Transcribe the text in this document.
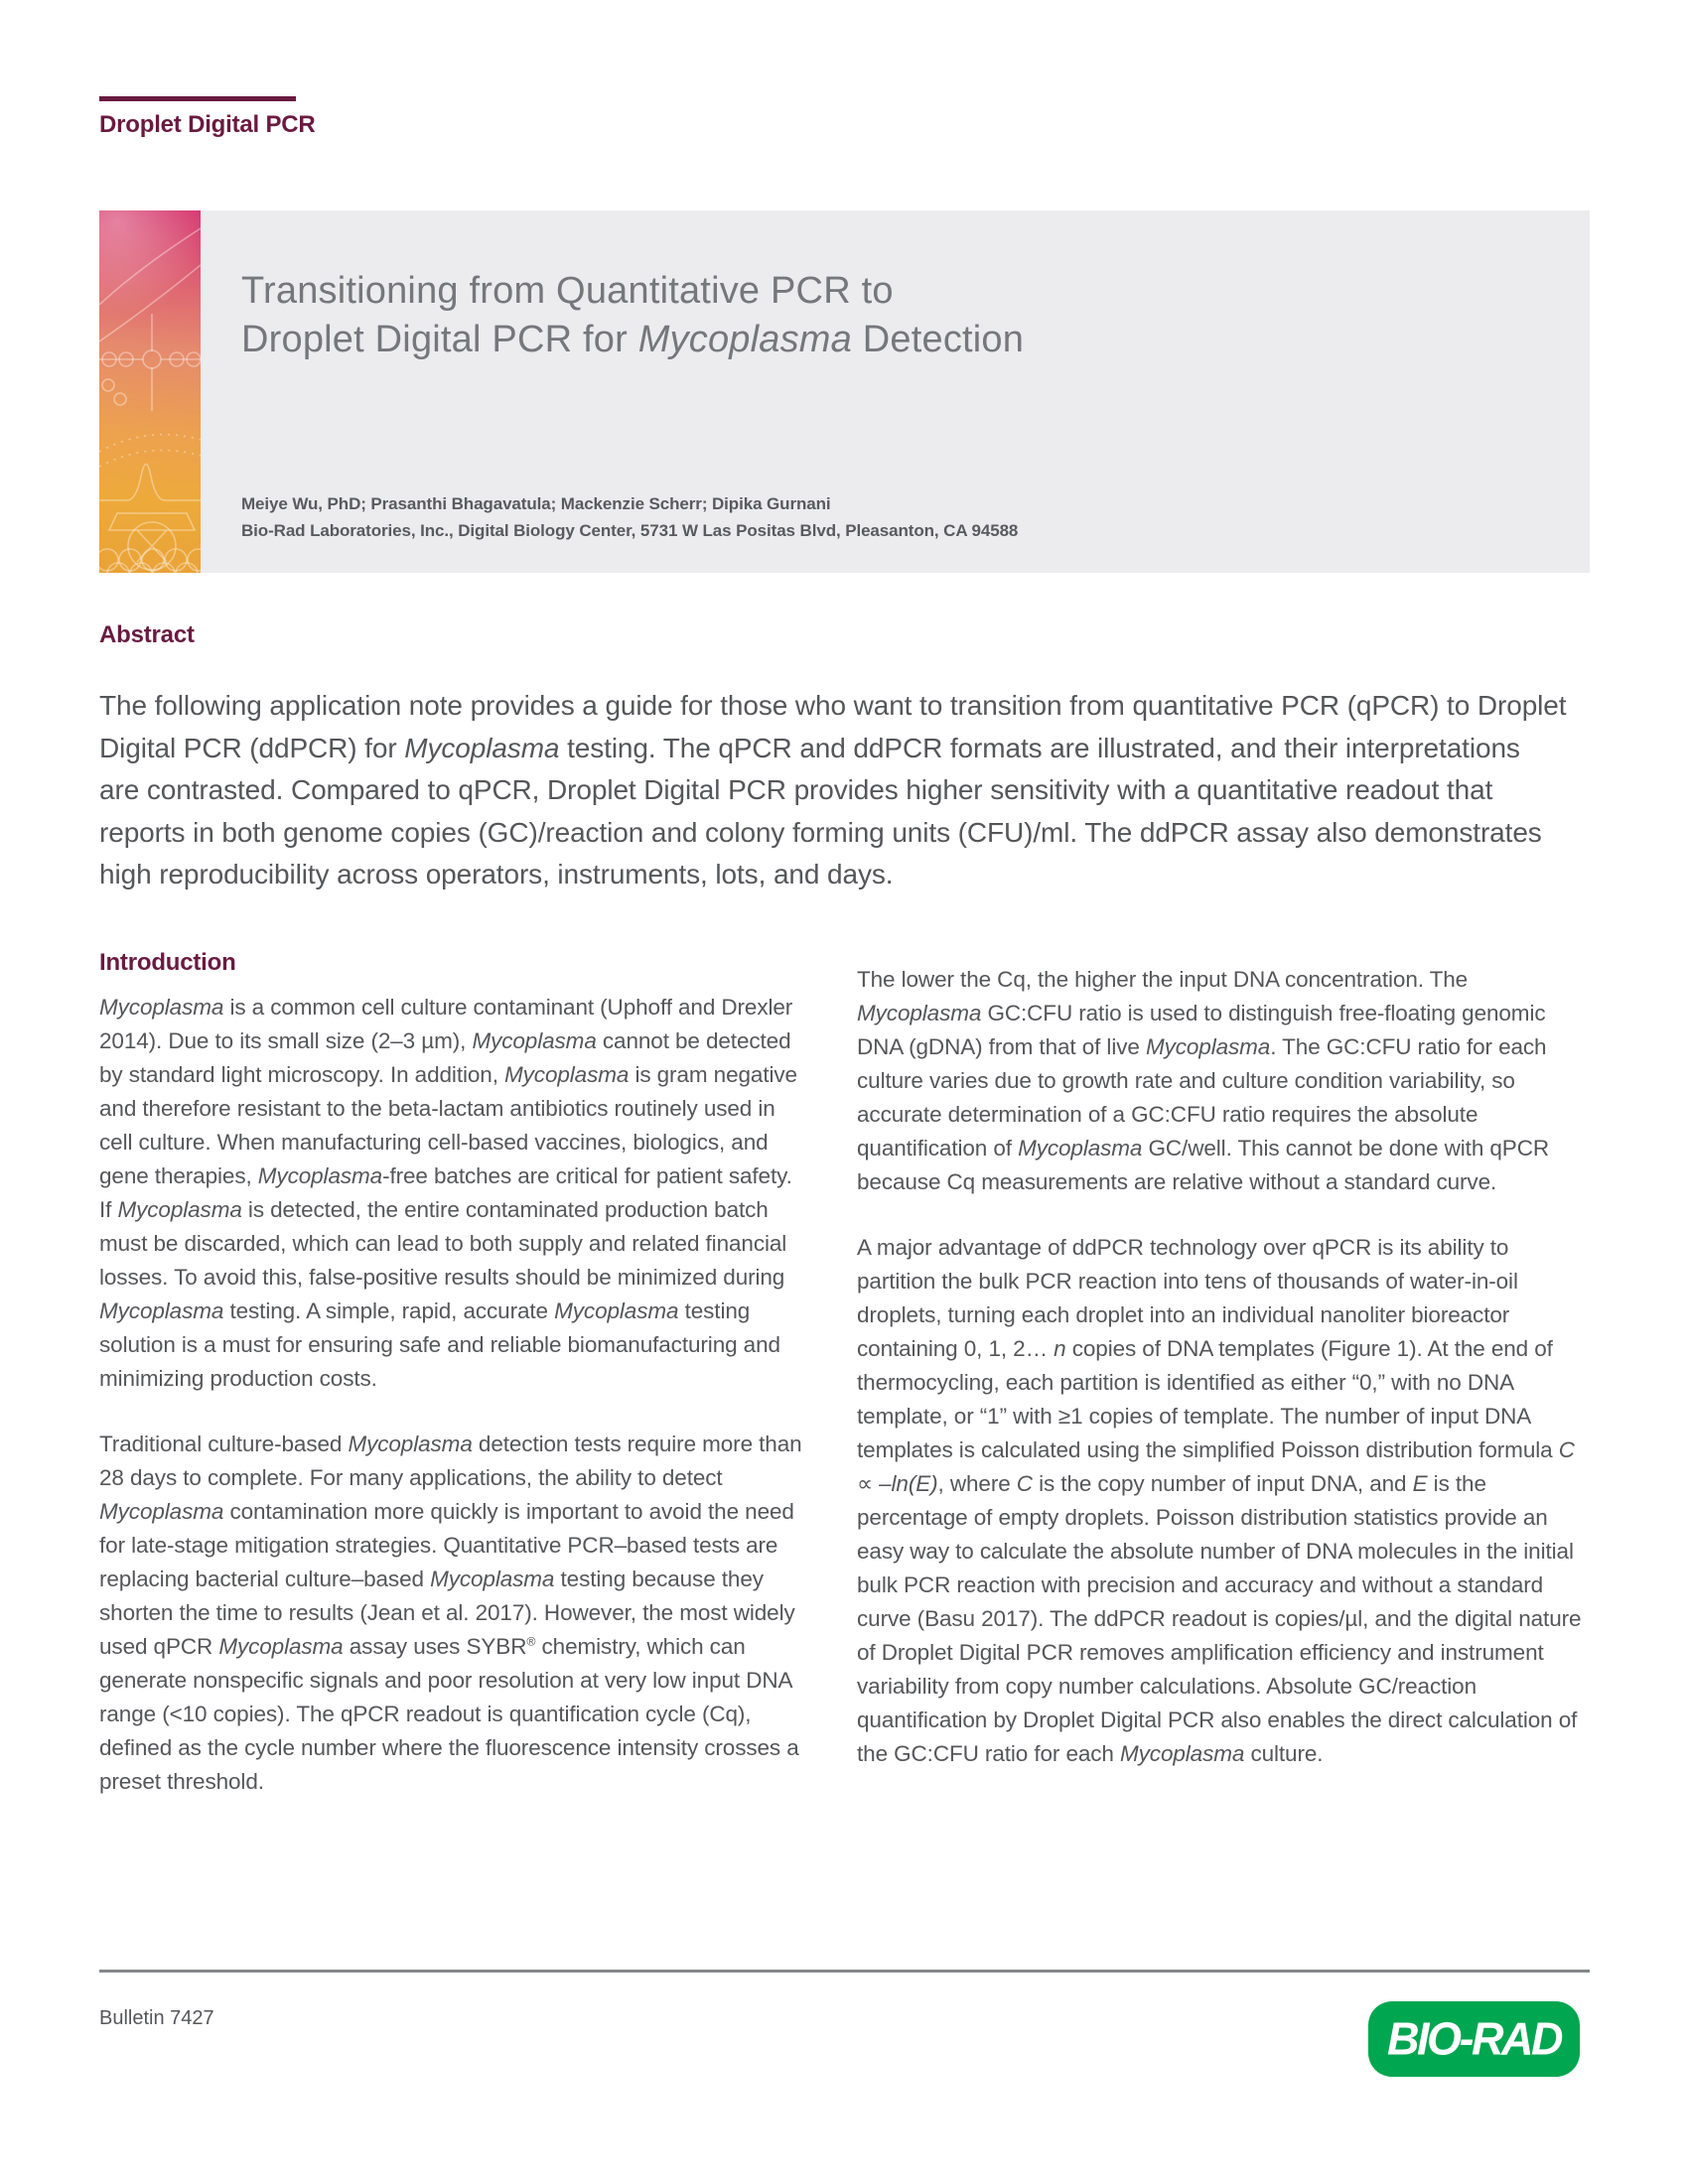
Droplet Digital PCR
Transitioning from Quantitative PCR to
Droplet Digital PCR for Mycoplasma Detection
Meiye Wu, PhD; Prasanthi Bhagavatula; Mackenzie Scherr; Dipika Gurnani
Bio-Rad Laboratories, Inc., Digital Biology Center, 5731 W Las Positas Blvd, Pleasanton, CA 94588
Abstract

The following application note provides a guide for those who want to transition from quantitative PCR (qPCR) to Droplet Digital PCR (ddPCR) for Mycoplasma testing. The qPCR and ddPCR formats are illustrated, and their interpretations are contrasted. Compared to qPCR, Droplet Digital PCR provides higher sensitivity with a quantitative readout that reports in both genome copies (GC)/reaction and colony forming units (CFU)/ml. The ddPCR assay also demonstrates high reproducibility across operators, instruments, lots, and days.

Introduction

Mycoplasma is a common cell culture contaminant (Uphoff and Drexler 2014). Due to its small size (2–3 µm), Mycoplasma cannot be detected by standard light microscopy. In addition, Mycoplasma is gram negative and therefore resistant to the beta-lactam antibiotics routinely used in cell culture. When manufacturing cell-based vaccines, biologics, and gene therapies, Mycoplasma-free batches are critical for patient safety. If Mycoplasma is detected, the entire contaminated production batch must be discarded, which can lead to both supply and related financial losses. To avoid this, false-positive results should be minimized during Mycoplasma testing. A simple, rapid, accurate Mycoplasma testing solution is a must for ensuring safe and reliable biomanufacturing and minimizing production costs.

Traditional culture-based Mycoplasma detection tests require more than 28 days to complete. For many applications, the ability to detect Mycoplasma contamination more quickly is important to avoid the need for late-stage mitigation strategies. Quantitative PCR–based tests are replacing bacterial culture–based Mycoplasma testing because they shorten the time to results (Jean et al. 2017). However, the most widely used qPCR Mycoplasma assay uses SYBR® chemistry, which can generate nonspecific signals and poor resolution at very low input DNA range (<10 copies). The qPCR readout is quantification cycle (Cq), defined as the cycle number where the fluorescence intensity crosses a preset threshold.

The lower the Cq, the higher the input DNA concentration. The Mycoplasma GC:CFU ratio is used to distinguish free-floating genomic DNA (gDNA) from that of live Mycoplasma. The GC:CFU ratio for each culture varies due to growth rate and culture condition variability, so accurate determination of a GC:CFU ratio requires the absolute quantification of Mycoplasma GC/well. This cannot be done with qPCR because Cq measurements are relative without a standard curve.

A major advantage of ddPCR technology over qPCR is its ability to partition the bulk PCR reaction into tens of thousands of water-in-oil droplets, turning each droplet into an individual nanoliter bioreactor containing 0, 1, 2… n copies of DNA templates (Figure 1). At the end of thermocycling, each partition is identified as either “0,” with no DNA template, or “1” with ≥1 copies of template. The number of input DNA templates is calculated using the simplified Poisson distribution formula C ∝ –ln(E), where C is the copy number of input DNA, and E is the percentage of empty droplets. Poisson distribution statistics provide an easy way to calculate the absolute number of DNA molecules in the initial bulk PCR reaction with precision and accuracy and without a standard curve (Basu 2017). The ddPCR readout is copies/µl, and the digital nature of Droplet Digital PCR removes amplification efficiency and instrument variability from copy number calculations. Absolute GC/reaction quantification by Droplet Digital PCR also enables the direct calculation of the GC:CFU ratio for each Mycoplasma culture.

Bulletin 7427	BIO-RAD
